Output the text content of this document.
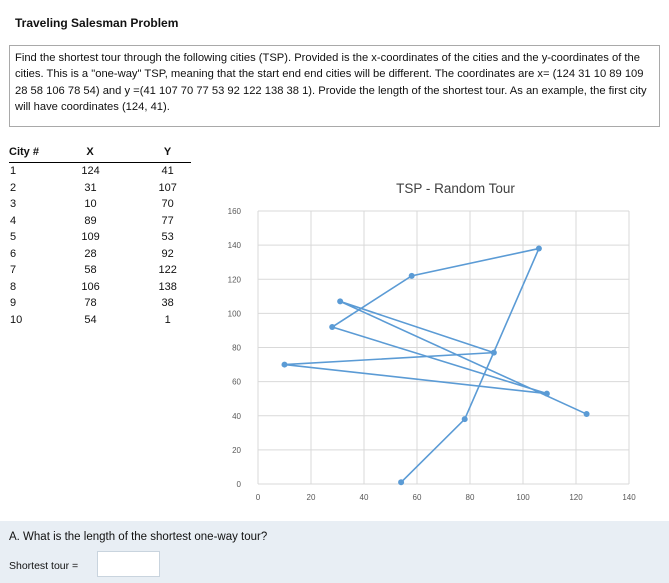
Traveling Salesman Problem
Find the shortest tour through the following cities (TSP). Provided is the x-coordinates of the cities and the y-coordinates of the cities. This is a "one-way" TSP, meaning that the start end end cities will be different. The coordinates are x= (124 31 10 89 109 28 58 106 78 54) and y =(41 107 70 77 53 92 122 138 38 1). Provide the length of the shortest tour. As an example, the first city will have coordinates (124, 41).
City #	X	Y
1	124	41
2	31	107
3	10	70
4	89	77
5	109	53
6	28	92
7	58	122
8	106	138
9	78	38
10	54	1
TSP - Random Tour
0
20
40
60
80
100
120
140
160
0	20	40	60	80	100	120	140
A. What is the length of the shortest one-way tour?
Shortest tour =
